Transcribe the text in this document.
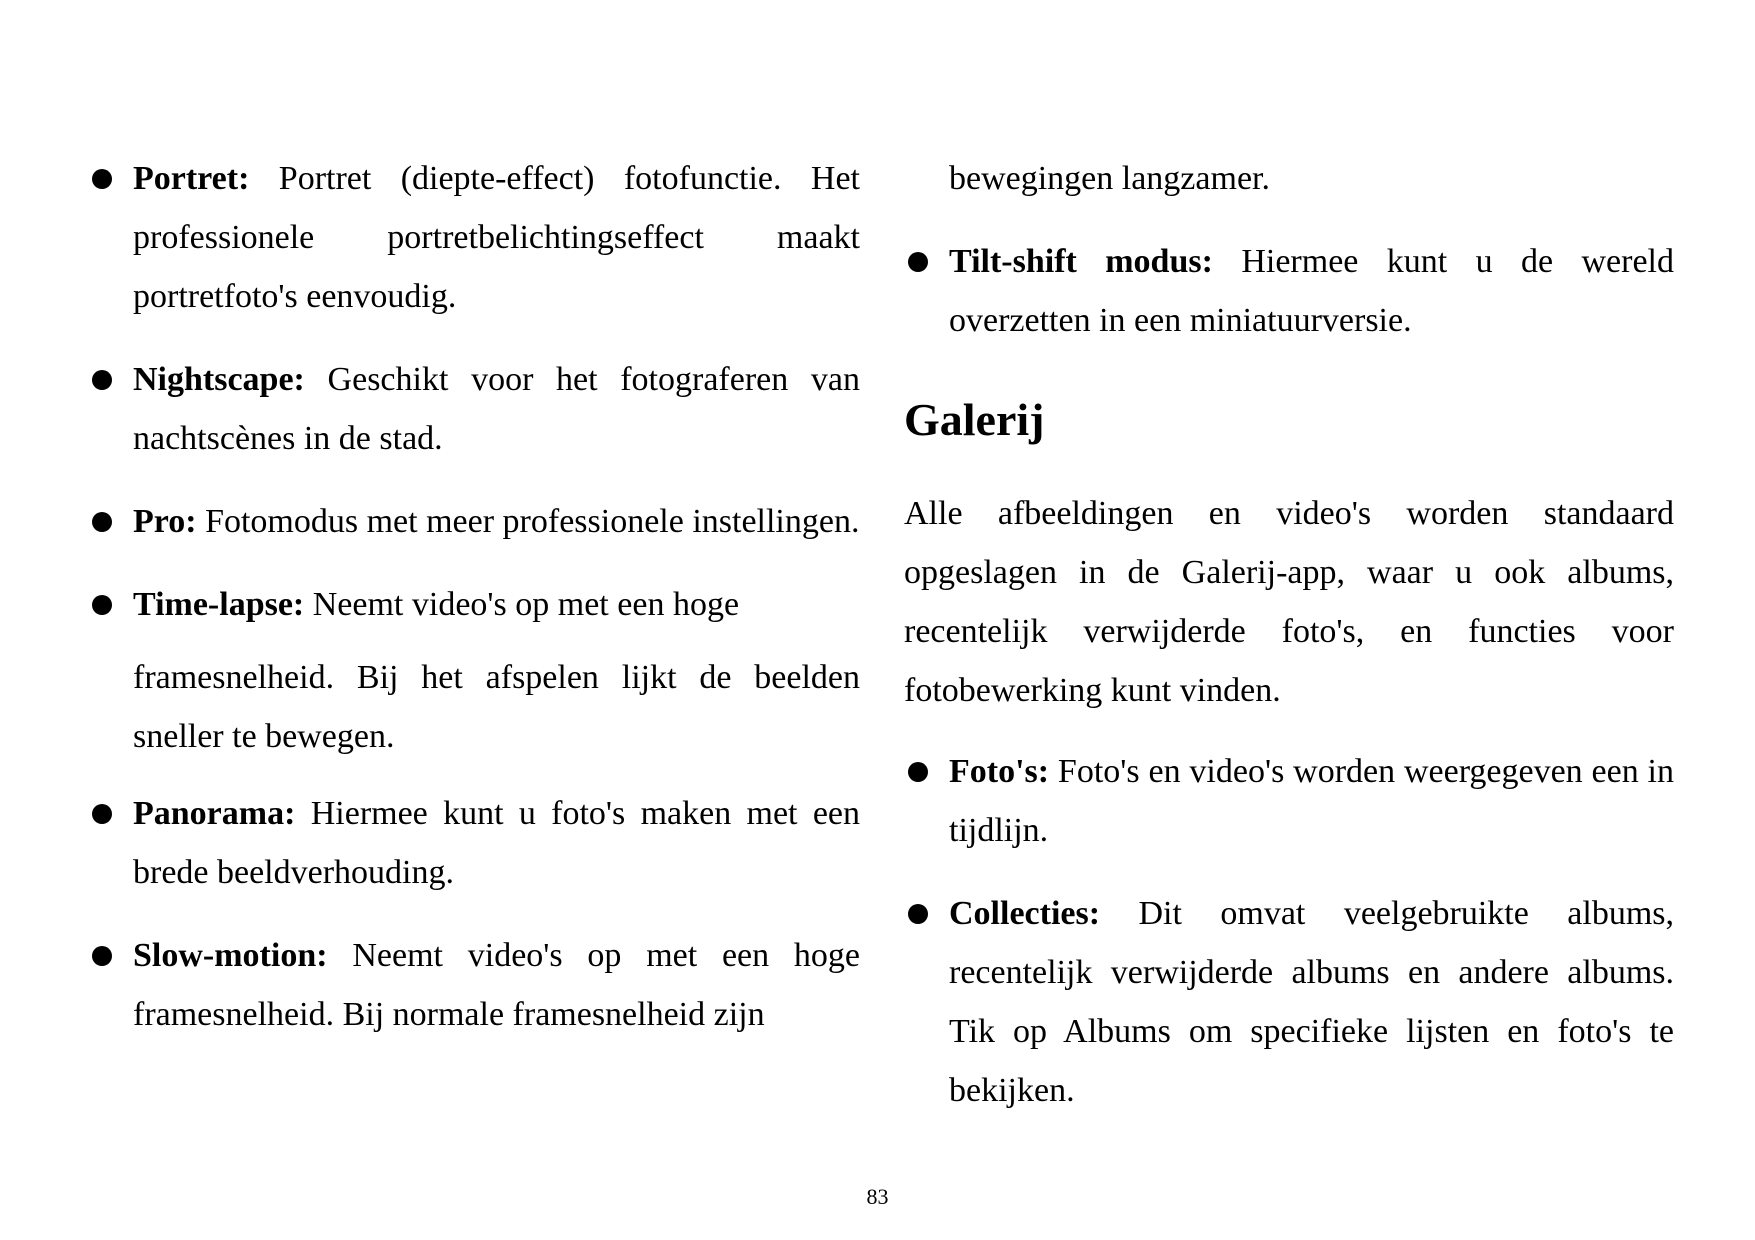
Portret: Portret (diepte-effect) fotofunctie. Het professionele portretbelichtingseffect maakt portretfoto's eenvoudig.
Nightscape: Geschikt voor het fotograferen van nachtscènes in de stad.
Pro: Fotomodus met meer professionele instellingen.
Time-lapse: Neemt video's op met een hoge
framesnelheid. Bij het afspelen lijkt de beelden sneller te bewegen.
Panorama: Hiermee kunt u foto's maken met een brede beeldverhouding.
Slow-motion: Neemt video's op met een hoge framesnelheid. Bij normale framesnelheid zijn
bewegingen langzamer.
Tilt-shift modus: Hiermee kunt u de wereld overzetten in een miniatuurversie.
Galerij
Alle afbeeldingen en video's worden standaard opgeslagen in de Galerij-app, waar u ook albums, recentelijk verwijderde foto's, en functies voor fotobewerking kunt vinden.
Foto's: Foto's en video's worden weergegeven een in tijdlijn.
Collecties: Dit omvat veelgebruikte albums, recentelijk verwijderde albums en andere albums. Tik op Albums om specifieke lijsten en foto's te bekijken.
83
